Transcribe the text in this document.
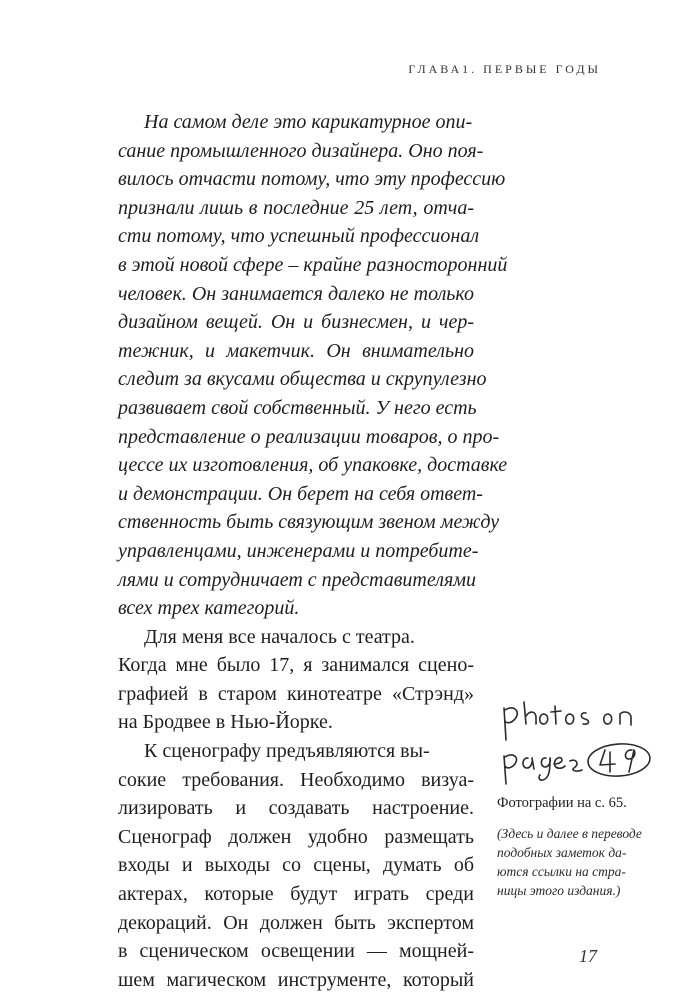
ГЛАВА1. ПЕРВЫЕ ГОДЫ
На самом деле это карикатурное опи-
сание промышленного дизайнера. Оно поя-
вилось отчасти потому, что эту профессию
признали лишь в последние 25 лет, отча-
сти потому, что успешный профессионал
в этой новой сфере – крайне разносторонний
человек. Он занимается далеко не только
дизайном вещей. Он и бизнесмен, и чер-
тежник, и макетчик. Он внимательно
следит за вкусами общества и скрупулезно
развивает свой собственный. У него есть
представление о реализации товаров, о про-
цессе их изготовления, об упаковке, доставке
и демонстрации. Он берет на себя ответ-
ственность быть связующим звеном между
управленцами, инженерами и потребите-
лями и сотрудничает с представителями
всех трех категорий.
Для меня все началось с театра.
Когда мне было 17, я занимался сцено-
графией в старом кинотеатре «Стрэнд»
на Бродвее в Нью-Йорке.
К сценографу предъявляются вы-
сокие требования. Необходимо визуа-
лизировать и создавать настроение.
Сценограф должен удобно размещать
входы и выходы со сцены, думать об
актерах, которые будут играть среди
декораций. Он должен быть экспертом
в сценическом освещении — мощней-
шем магическом инструменте, который

Фотографии на с. 65.

(Здесь и далее в переводе
подобных заметок да-
ются ссылки на стра-
ницы этого издания.)
17
